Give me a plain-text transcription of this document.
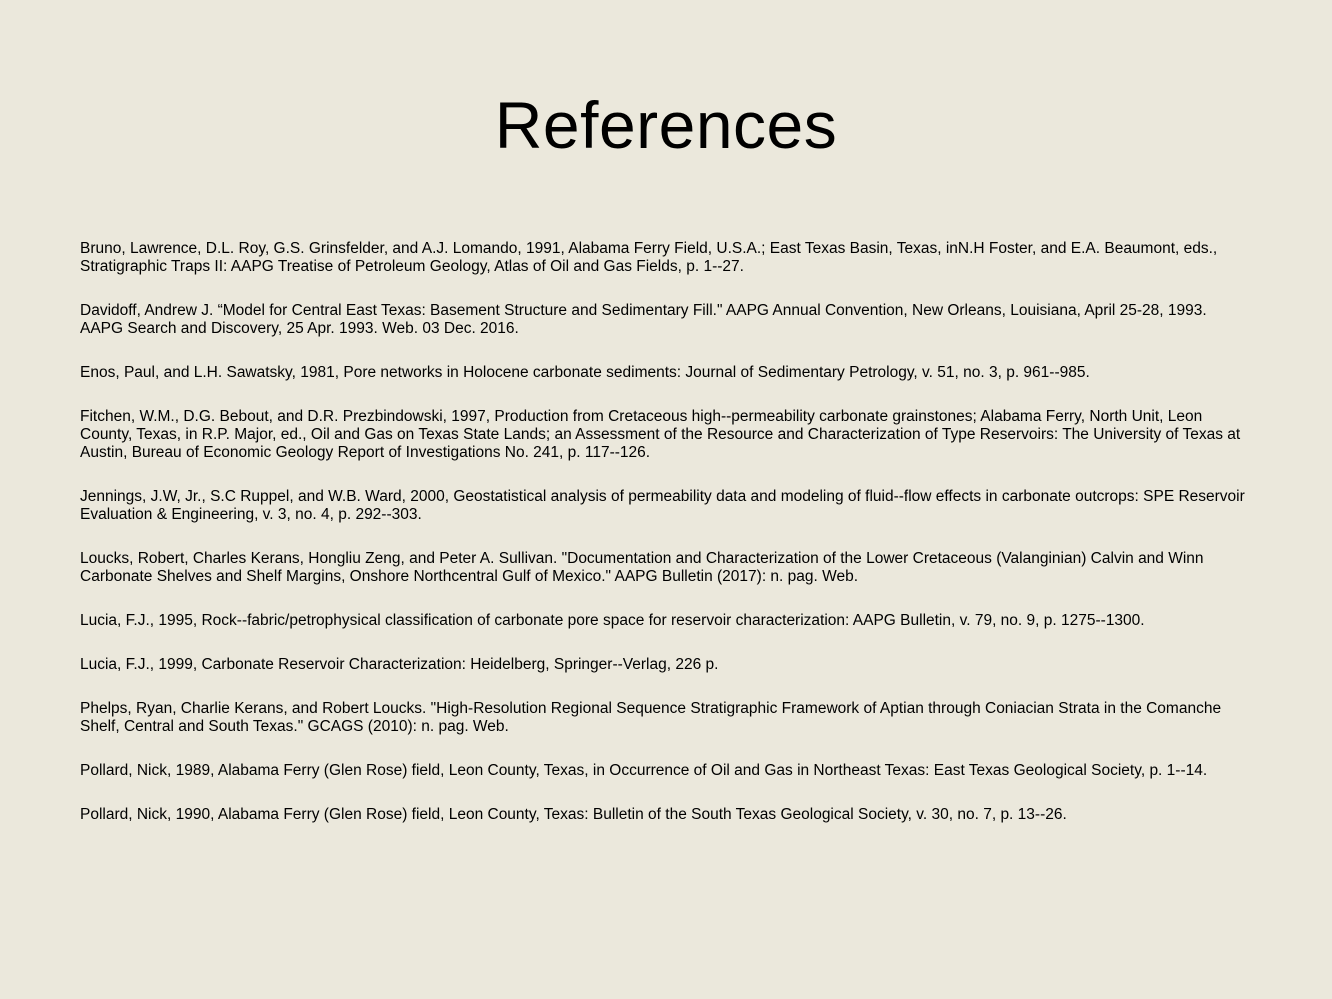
References
Bruno, Lawrence, D.L. Roy, G.S. Grinsfelder, and A.J. Lomando, 1991, Alabama Ferry Field, U.S.A.; East Texas Basin, Texas, inN.H Foster, and E.A. Beaumont, eds., Stratigraphic Traps II: AAPG Treatise of Petroleum Geology, Atlas of Oil and Gas Fields, p. 1--27.
Davidoff, Andrew J. “Model for Central East Texas: Basement Structure and Sedimentary Fill." AAPG Annual Convention, New Orleans, Louisiana, April 25-28, 1993. AAPG Search and Discovery, 25 Apr. 1993. Web. 03 Dec. 2016.
Enos, Paul, and L.H. Sawatsky, 1981, Pore networks in Holocene carbonate sediments: Journal of Sedimentary Petrology, v. 51, no. 3, p. 961--985.
Fitchen, W.M., D.G. Bebout, and D.R. Prezbindowski, 1997, Production from Cretaceous high--permeability carbonate grainstones; Alabama Ferry, North Unit, Leon County, Texas, in R.P. Major, ed., Oil and Gas on Texas State Lands; an Assessment of the Resource and Characterization of Type Reservoirs: The University of Texas at Austin, Bureau of Economic Geology Report of Investigations No. 241, p. 117--126.
Jennings, J.W, Jr., S.C Ruppel, and W.B. Ward, 2000, Geostatistical analysis of permeability data and modeling of fluid--flow effects in carbonate outcrops: SPE Reservoir Evaluation & Engineering, v. 3, no. 4, p. 292--303.
Loucks, Robert, Charles Kerans, Hongliu Zeng, and Peter A. Sullivan. "Documentation and Characterization of the Lower Cretaceous (Valanginian) Calvin and Winn Carbonate Shelves and Shelf Margins, Onshore Northcentral Gulf of Mexico." AAPG Bulletin (2017): n. pag. Web.
Lucia, F.J., 1995, Rock--fabric/petrophysical classification of carbonate pore space for reservoir characterization: AAPG Bulletin, v. 79, no. 9, p. 1275--1300.
Lucia, F.J., 1999, Carbonate Reservoir Characterization: Heidelberg, Springer--Verlag, 226 p.
Phelps, Ryan, Charlie Kerans, and Robert Loucks. "High-Resolution Regional Sequence Stratigraphic Framework of Aptian through Coniacian Strata in the Comanche Shelf, Central and South Texas." GCAGS (2010): n. pag. Web.
Pollard, Nick, 1989, Alabama Ferry (Glen Rose) field, Leon County, Texas, in Occurrence of Oil and Gas in Northeast Texas: East Texas Geological Society, p. 1--14.
Pollard, Nick, 1990, Alabama Ferry (Glen Rose) field, Leon County, Texas: Bulletin of the South Texas Geological Society, v. 30, no. 7, p. 13--26.
